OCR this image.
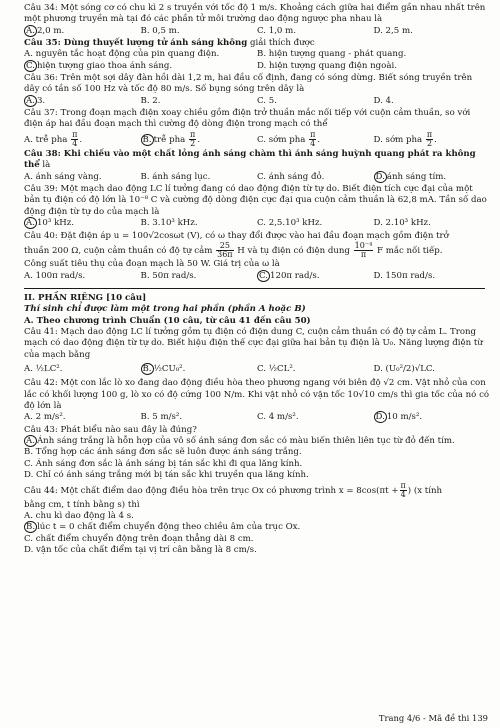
Câu 34: Một sóng cơ có chu kì 2 s truyền với tốc độ 1 m/s. Khoảng cách giữa hai điểm gần nhau nhất trên một phương truyền mà tại đó các phần tử môi trường dao động ngược pha nhau là
A. 2,0 m.	B. 0,5 m.	C. 1,0 m.	D. 2,5 m.
Câu 35: Dùng thuyết lượng tử ánh sáng không giải thích được
A. nguyên tắc hoạt động của pin quang điện.	B. hiện tượng quang - phát quang.
C. hiện tượng giao thoa ánh sáng.	D. hiện tượng quang điện ngoài.
Câu 36: Trên một sợi dây đàn hồi dài 1,2 m, hai đầu cố định, đang có sóng dừng. Biết sóng truyền trên dây có tần số 100 Hz và tốc độ 80 m/s. Số bụng sóng trên dây là
A. 3.	B. 2.	C. 5.	D. 4.
Câu 37: Trong đoạn mạch điện xoay chiều gồm điện trở thuần mắc nối tiếp với cuộn cảm thuần, so với điện áp hai đầu đoạn mạch thì cường độ dòng điện trong mạch có thể
A. trễ pha $\frac{\pi}{4}$ .	B. trễ pha $\frac{\pi}{2}$ .	C. sớm pha $\frac{\pi}{4}$ .	D. sớm pha $\frac{\pi}{2}$ .
Câu 38: Khi chiếu vào một chất lỏng ánh sáng chàm thì ánh sáng huỳnh quang phát ra không thể là
A. ánh sáng vàng.	B. ánh sáng lục.	C. ánh sáng đỏ.	D. ánh sáng tím.
Câu 39: Một mạch dao động LC lí tưởng đang có dao động điện từ tự do. Biết điện tích cực đại của một bản tụ điện có độ lớn là 10⁻⁸ C và cường độ dòng điện cực đại qua cuộn cảm thuần là 62,8 mA. Tần số dao động điện từ tự do của mạch là
A. 10³ kHz.	B. 3.10³ kHz.	C. 2,5.10³ kHz.	D. 2.10³ kHz.
Câu 40: Đặt điện áp u = 100√2cosωt (V), có ω thay đổi được vào hai đầu đoạn mạch gồm điện trở
thuần 200 Ω, cuộn cảm thuần có độ tự cảm $\frac{25}{36\pi}$ H và tụ điện có điện dung $\frac{\text{10⁻⁴}}{\pi}$ F mắc nối tiếp.
Công suất tiêu thụ của đoạn mạch là 50 W. Giá trị của ω là
A. 100π rad/s.	B. 50π rad/s.	C. 120π rad/s.	D. 150π rad/s.
II. PHẦN RIÊNG [10 câu]
Thí sinh chỉ được làm một trong hai phần (phần A hoặc B)
A. Theo chương trình Chuẩn (10 câu, từ câu 41 đến câu 50)
Câu 41: Mạch dao động LC lí tưởng gồm tụ điện có điện dung C, cuộn cảm thuần có độ tự cảm L. Trong mạch có dao động điện từ tự do. Biết hiệu điện thế cực đại giữa hai bản tụ điện là U₀. Năng lượng điện từ của mạch bằng
A. ½LC².	B. ½CU₀².	C. ½CL².	D. (U₀²/2)√LC.
Câu 42: Một con lắc lò xo đang dao động điều hòa theo phương ngang với biên độ √2 cm. Vật nhỏ của con lắc có khối lượng 100 g, lò xo có độ cứng 100 N/m. Khi vật nhỏ có vận tốc 10√10 cm/s thì gia tốc của nó có độ lớn là
A. 2 m/s².	B. 5 m/s².	C. 4 m/s².	D. 10 m/s².
Câu 43: Phát biểu nào sau đây là đúng?
A. Ánh sáng trắng là hỗn hợp của vô số ánh sáng đơn sắc có màu biến thiên liên tục từ đỏ đến tím.
B. Tổng hợp các ánh sáng đơn sắc sẽ luôn được ánh sáng trắng.
C. Ánh sáng đơn sắc là ánh sáng bị tán sắc khi đi qua lăng kính.
D. Chỉ có ánh sáng trắng mới bị tán sắc khi truyền qua lăng kính.
Câu 44: Một chất điểm dao động điều hòa trên trục Ox có phương trình $x = 8\cos(\pi t + \frac{\pi}{4}$ ) (x tính
bằng cm, t tính bằng s) thì
A. chu kì dao động là 4 s.
B. lúc t = 0 chất điểm chuyển động theo chiều âm của trục Ox.
C. chất điểm chuyển động trên đoạn thẳng dài 8 cm.
D. vận tốc của chất điểm tại vị trí cân bằng là 8 cm/s.
Trang 4/6 - Mã đề thi 139
